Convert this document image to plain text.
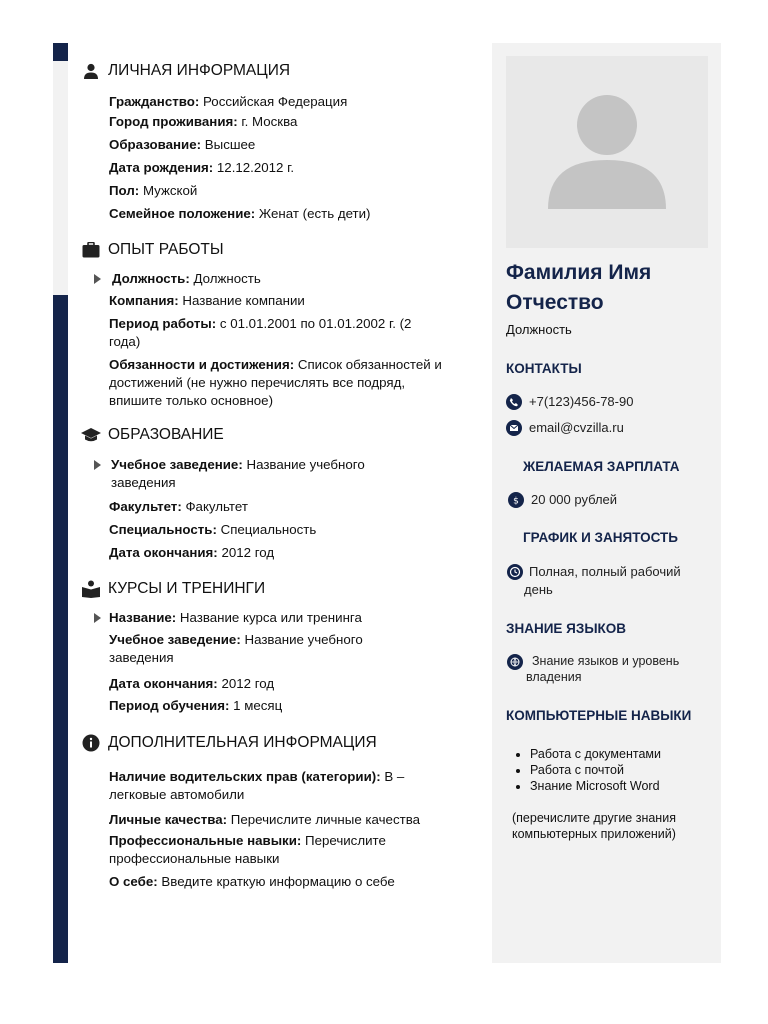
ЛИЧНАЯ ИНФОРМАЦИЯ
Гражданство: Российская Федерация
Город проживания: г. Москва
Образование: Высшее
Дата рождения: 12.12.2012 г.
Пол: Мужской
Семейное положение: Женат (есть дети)
ОПЫТ РАБОТЫ
Должность: Должность
Компания: Название компании
Период работы: с 01.01.2001 по 01.01.2002 г. (2
года)
Обязанности и достижения: Список обязанностей и
достижений (не нужно перечислять все подряд,
впишите только основное)
ОБРАЗОВАНИЕ
Учебное заведение: Название учебного
заведения
Факультет: Факультет
Специальность: Специальность
Дата окончания: 2012 год
КУРСЫ И ТРЕНИНГИ
Название: Название курса или тренинга
Учебное заведение: Название учебного
заведения
Дата окончания: 2012 год
Период обучения: 1 месяц
ДОПОЛНИТЕЛЬНАЯ ИНФОРМАЦИЯ
Наличие водительских прав (категории): В –
легковые автомобили
Личные качества: Перечислите личные качества
Профессиональные навыки: Перечислите
профессиональные навыки
О себе: Введите краткую информацию о себе
Фамилия Имя
Отчество
Должность
КОНТАКТЫ
+7(123)456-78-90
email@cvzilla.ru
ЖЕЛАЕМАЯ ЗАРПЛАТА
$ 20 000 рублей
ГРАФИК И ЗАНЯТОСТЬ
Полная, полный рабочий
день
ЗНАНИЕ ЯЗЫКОВ
Знание языков и уровень
владения
КОМПЬЮТЕРНЫЕ НАВЫКИ
• Работа с документами
• Работа с почтой
• Знание Microsoft Word
(перечислите другие знания
компьютерных приложений)
